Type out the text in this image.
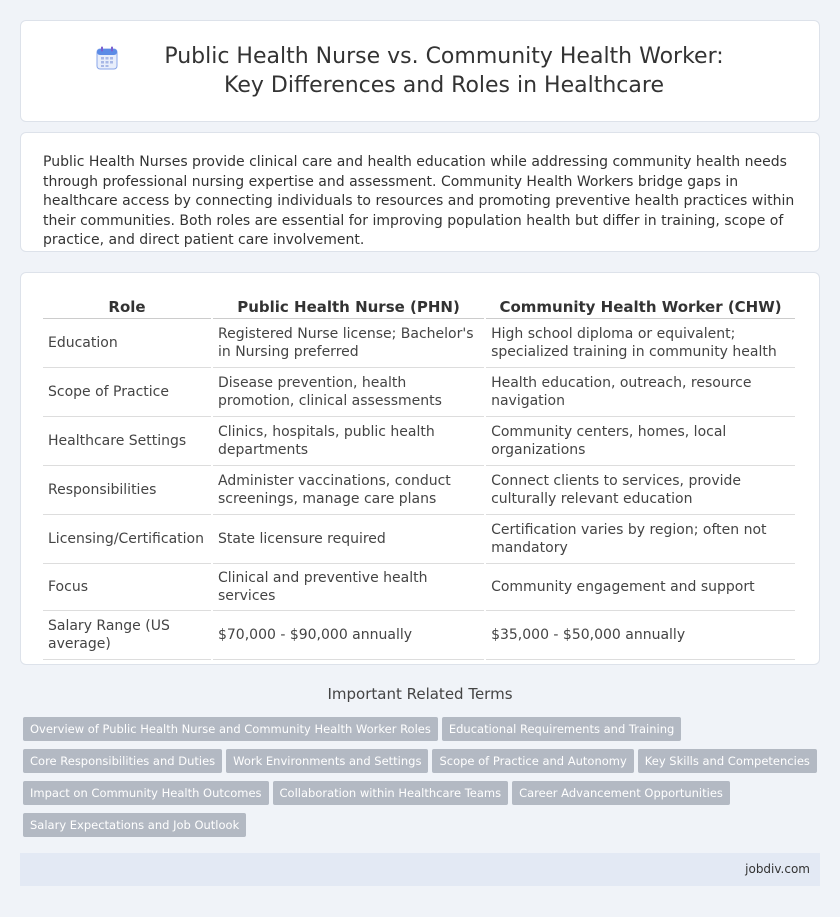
Public Health Nurse vs. Community Health Worker: Key Differences and Roles in Healthcare

Public Health Nurses provide clinical care and health education while addressing community health needs through professional nursing expertise and assessment. Community Health Workers bridge gaps in healthcare access by connecting individuals to resources and promoting preventive health practices within their communities. Both roles are essential for improving population health but differ in training, scope of practice, and direct patient care involvement.

Role	Public Health Nurse (PHN)	Community Health Worker (CHW)
Education	Registered Nurse license; Bachelor's in Nursing preferred	High school diploma or equivalent; specialized training in community health
Scope of Practice	Disease prevention, health promotion, clinical assessments	Health education, outreach, resource navigation
Healthcare Settings	Clinics, hospitals, public health departments	Community centers, homes, local organizations
Responsibilities	Administer vaccinations, conduct screenings, manage care plans	Connect clients to services, provide culturally relevant education
Licensing/Certification	State licensure required	Certification varies by region; often not mandatory
Focus	Clinical and preventive health services	Community engagement and support
Salary Range (US average)	$70,000 - $90,000 annually	$35,000 - $50,000 annually
Important Related Terms
Overview of Public Health Nurse and Community Health Worker Roles Educational Requirements and Training
Core Responsibilities and Duties Work Environments and Settings Scope of Practice and Autonomy Key Skills and Competencies
Impact on Community Health Outcomes Collaboration within Healthcare Teams Career Advancement Opportunities
Salary Expectations and Job Outlook
jobdiv.com
